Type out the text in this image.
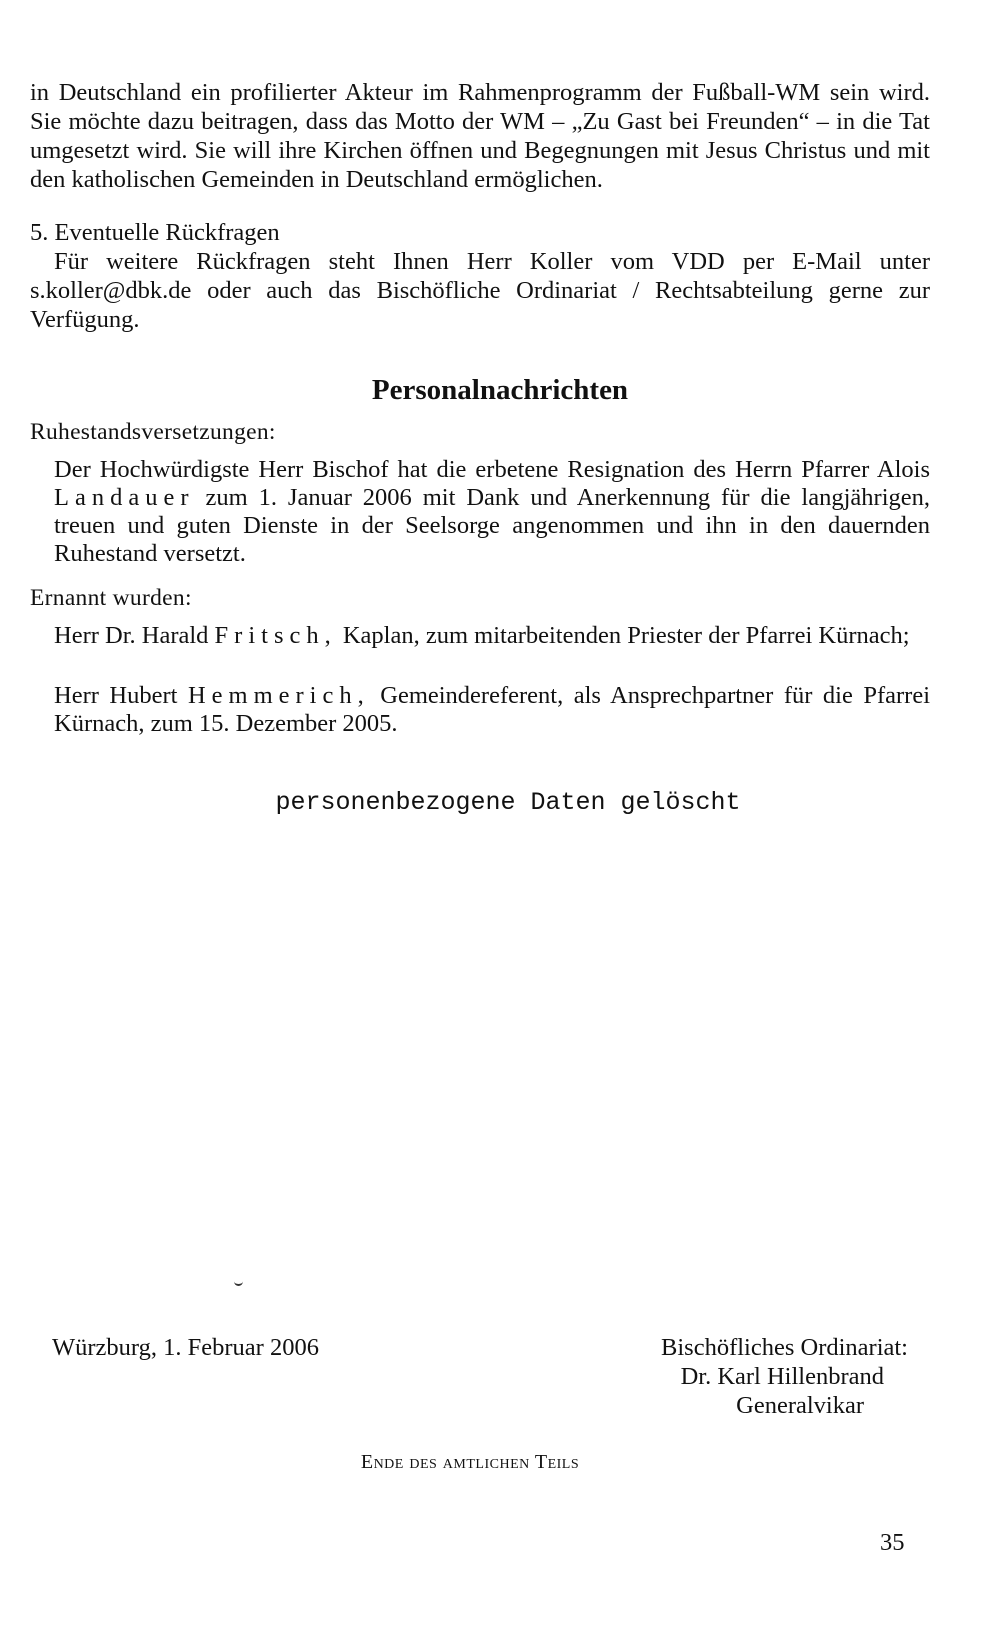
in Deutschland ein profilierter Akteur im Rahmenprogramm der Fußball-WM sein wird. Sie möchte dazu beitragen, dass das Motto der WM – „Zu Gast bei Freunden“ – in die Tat umgesetzt wird. Sie will ihre Kirchen öffnen und Begegnungen mit Jesus Christus und mit den katholischen Gemeinden in Deutschland ermöglichen.

5. Eventuelle Rückfragen

Für weitere Rückfragen steht Ihnen Herr Koller vom VDD per E-Mail unter s.koller@dbk.de oder auch das Bischöfliche Ordinariat / Rechtsabteilung gerne zur Verfügung.

Personalnachrichten
Ruhestandsversetzungen:

Der Hochwürdigste Herr Bischof hat die erbetene Resignation des Herrn Pfarrer Alois Landauer zum 1. Januar 2006 mit Dank und Anerkennung für die langjährigen, treuen und guten Dienste in der Seelsorge angenommen und ihn in den dauernden Ruhestand versetzt.

Ernannt wurden:

Herr Dr. Harald Fritsch, Kaplan, zum mitarbeitenden Priester der Pfarrei Kürnach;

Herr Hubert Hemmerich, Gemeindereferent, als Ansprechpartner für die Pfarrei Kürnach, zum 15. Dezember 2005.

personenbezogene Daten gelöscht
Würzburg, 1. Februar 2006	Bischöfliches Ordinariat:
Dr. Karl Hillenbrand
Generalvikar
Ende des amtlichen Teils
35
